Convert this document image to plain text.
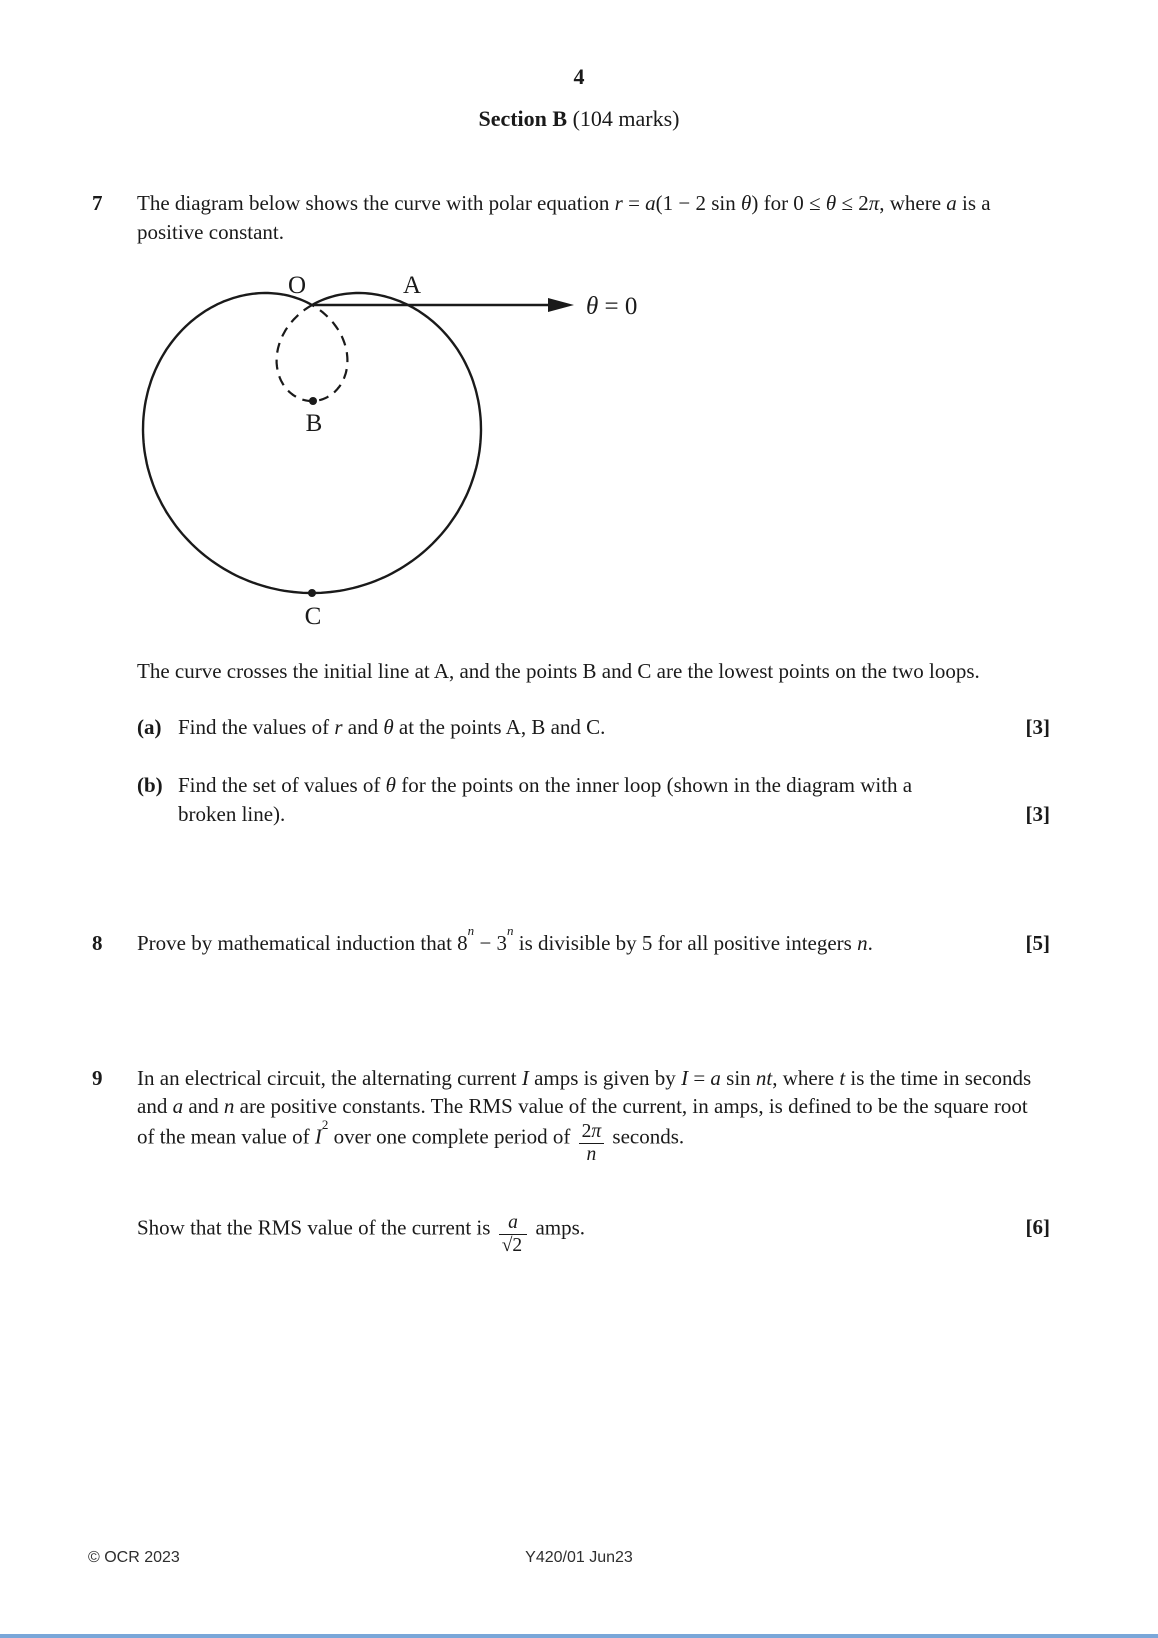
4
Section B (104 marks)
7	The diagram below shows the curve with polar equation r = a(1 − 2 sin θ) for 0 ≤ θ ≤ 2π, where a is a positive constant.
θ = 0
O	A
B
C
The curve crosses the initial line at A, and the points B and C are the lowest points on the two loops.
(a) Find the values of r and θ at the points A, B and C.	[3]
(b) Find the set of values of θ for the points on the inner loop (shown in the diagram with a broken line).	[3]
8	Prove by mathematical induction that $8^n - 3^n$ is divisible by 5 for all positive integers n.	[5]
9	In an electrical circuit, the alternating current I amps is given by I = a sin nt, where t is the time in seconds and a and n are positive constants. The RMS value of the current, in amps, is defined to be the square root of the mean value of $I^2$ over one complete period of $\frac{2\pi}{n}$ seconds.
Show that the RMS value of the current is $\frac{a}{√2}$ amps.	[6]
© OCR 2023	Y420/01 Jun23
